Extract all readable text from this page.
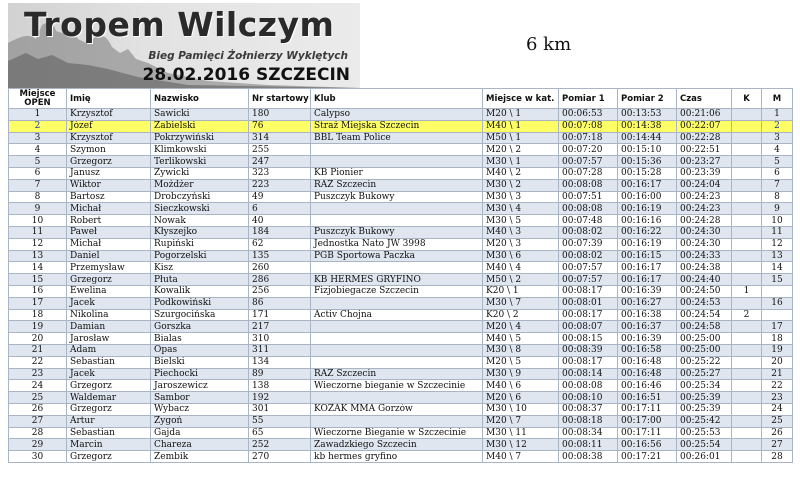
Tropem Wilczym
Bieg Pamięci Żołnierzy Wyklętych
28.02.2016 SZCZECIN
6 km
Miejsce
OPEN	Imię	Nazwisko	Nr startowy	Klub	Miejsce w kat.	Pomiar 1	Pomiar 2	Czas	K	M
1	Krzysztof	Sawicki	180	Calypso	M20 \ 1	00:06:53	00:13:53	00:21:06		1
2	Józef	Zabielski	76	Straż Miejska Szczecin	M40 \ 1	00:07:08	00:14:38	00:22:07		2
3	Krzysztof	Pokrzywiński	314	BBL Team Police	M50 \ 1	00:07:18	00:14:44	00:22:28		3
4	Szymon	Klimkowski	255		M20 \ 2	00:07:20	00:15:10	00:22:51		4
5	Grzegorz	Terlikowski	247		M30 \ 1	00:07:57	00:15:36	00:23:27		5
6	Janusz	Żywicki	323	KB Pionier	M40 \ 2	00:07:28	00:15:28	00:23:39		6
7	Wiktor	Możdżer	223	RAZ Szczecin	M30 \ 2	00:08:08	00:16:17	00:24:04		7
8	Bartosz	Drobczyński	49	Puszczyk Bukowy	M30 \ 3	00:07:51	00:16:00	00:24:23		8
9	Michał	Sieczkowski	6		M30 \ 4	00:08:08	00:16:19	00:24:23		9
10	Robert	Nowak	40		M30 \ 5	00:07:48	00:16:16	00:24:28		10
11	Paweł	Kłyszejko	184	Puszczyk Bukowy	M40 \ 3	00:08:02	00:16:22	00:24:30		11
12	Michał	Rupiński	62	Jednostka Nato JW 3998	M20 \ 3	00:07:39	00:16:19	00:24:30		12
13	Daniel	Pogorzelski	135	PGB Sportowa Paczka	M30 \ 6	00:08:02	00:16:15	00:24:33		13
14	Przemysław	Kisz	260		M40 \ 4	00:07:57	00:16:17	00:24:38		14
15	Grzegorz	Płuta	286	KB HERMES GRYFINO	M50 \ 2	00:07:57	00:16:17	00:24:40		15
16	Ewelina	Kowalik	256	Fizjobiegacze Szczecin	K20 \ 1	00:08:17	00:16:39	00:24:50	1	
17	Jacek	Podkowiński	86		M30 \ 7	00:08:01	00:16:27	00:24:53		16
18	Nikolina	Szurgocińska	171	Activ Chojna	K20 \ 2	00:08:17	00:16:38	00:24:54	2	
19	Damian	Gorszka	217		M20 \ 4	00:08:07	00:16:37	00:24:58		17
20	Jarosław	Bialas	310		M40 \ 5	00:08:15	00:16:39	00:25:00		18
21	Adam	Opas	311		M30 \ 8	00:08:39	00:16:58	00:25:00		19
22	Sebastian	Bielski	134		M20 \ 5	00:08:17	00:16:48	00:25:22		20
23	Jacek	Piechocki	89	RAZ Szczecin	M30 \ 9	00:08:14	00:16:48	00:25:27		21
24	Grzegorz	Jaroszewicz	138	Wieczorne bieganie w Szczecinie	M40 \ 6	00:08:08	00:16:46	00:25:34		22
25	Waldemar	Sambor	192		M20 \ 6	00:08:10	00:16:51	00:25:39		23
26	Grzegorz	Wybacz	301	KOZAK MMA Gorzów	M30 \ 10	00:08:37	00:17:11	00:25:39		24
27	Artur	Żygoń	55		M20 \ 7	00:08:18	00:17:00	00:25:42		25
28	Sebastian	Gajda	65	Wieczorne Bieganie w Szczecinie	M30 \ 11	00:08:34	00:17:11	00:25:53		26
29	Marcin	Chareza	252	Zawadzkiego Szczecin	M30 \ 12	00:08:11	00:16:56	00:25:54		27
30	Grzegorz	Zembik	270	kb hermes gryfino	M40 \ 7	00:08:38	00:17:21	00:26:01		28
